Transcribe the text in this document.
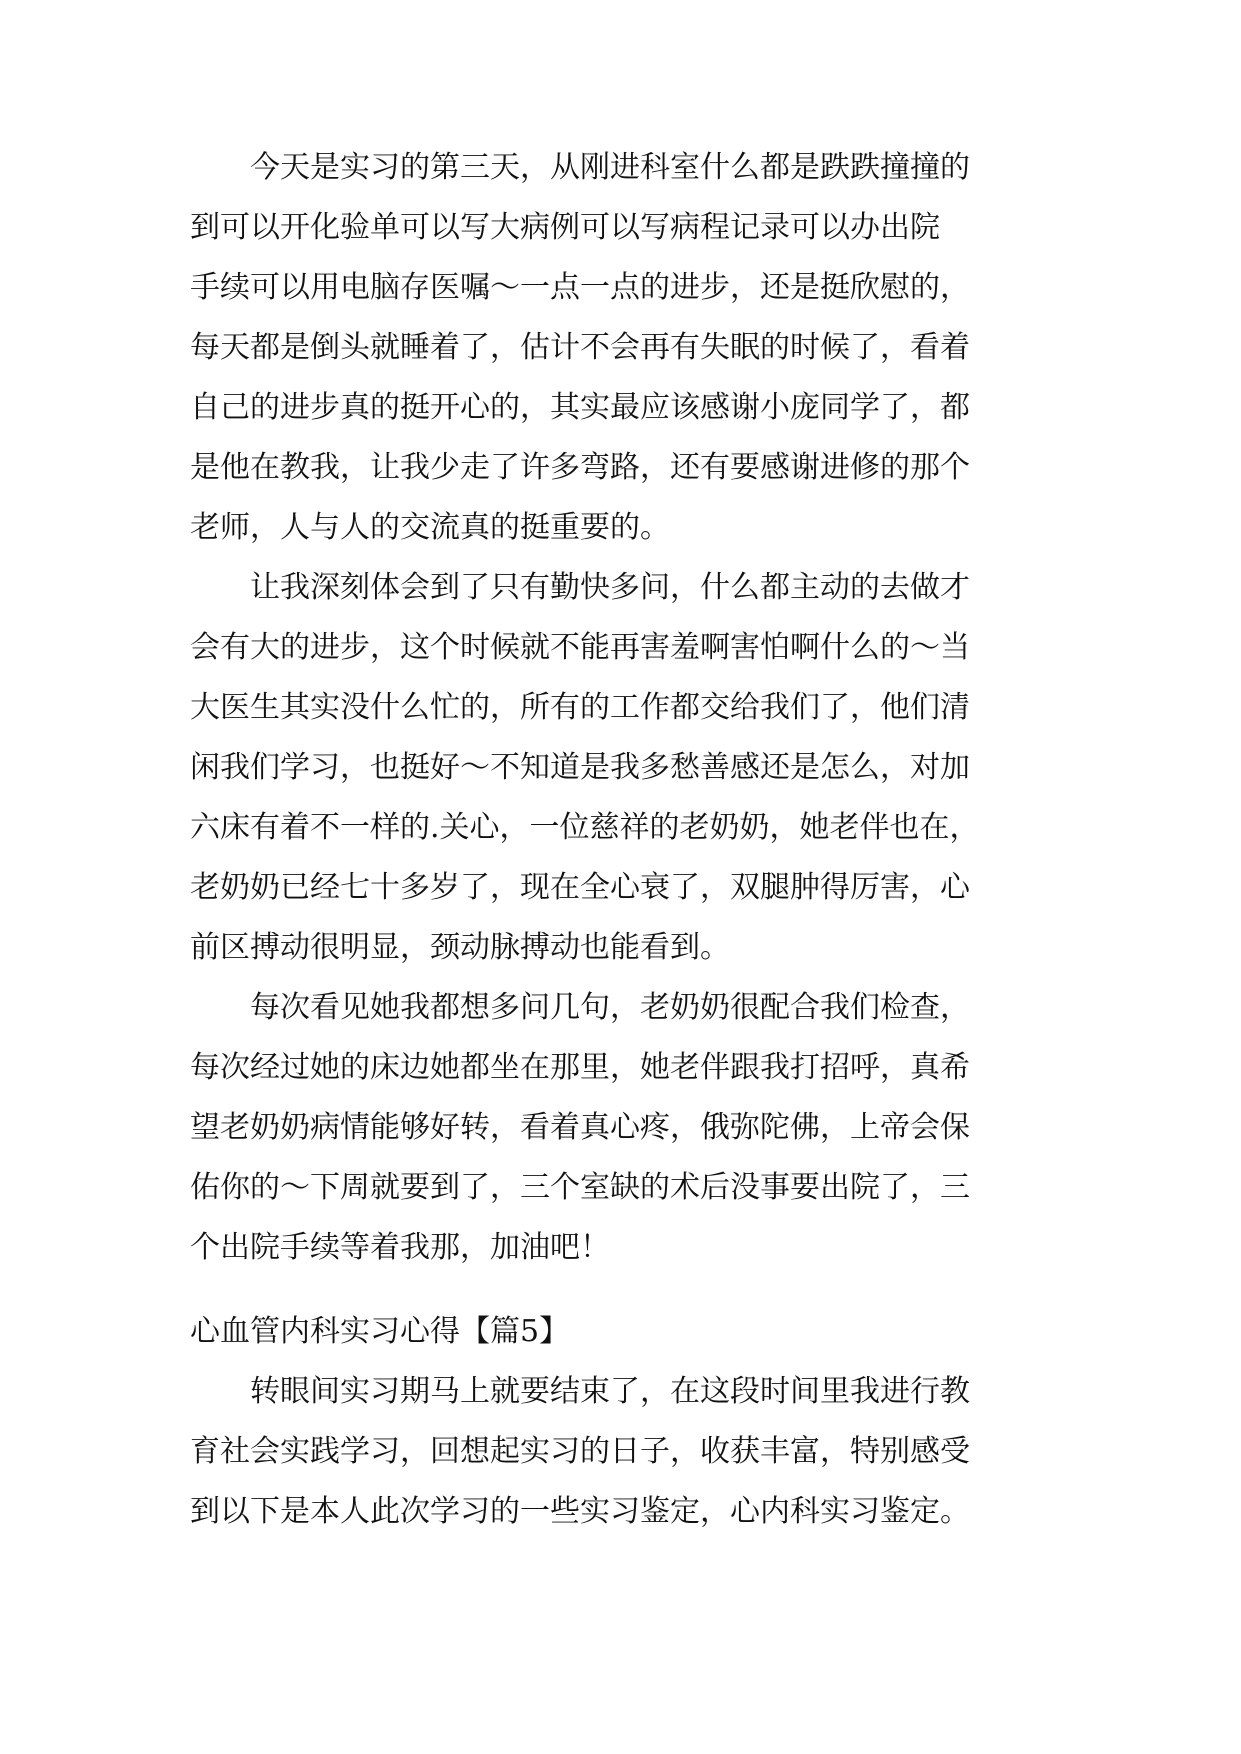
今天是实习的第三天，从刚进科室什么都是跌跌撞撞的
到可以开化验单可以写大病例可以写病程记录可以办出院
手续可以用电脑存医嘱～一点一点的进步，还是挺欣慰的，
每天都是倒头就睡着了，估计不会再有失眠的时候了，看着
自己的进步真的挺开心的，其实最应该感谢小庞同学了，都
是他在教我，让我少走了许多弯路，还有要感谢进修的那个
老师，人与人的交流真的挺重要的。
让我深刻体会到了只有勤快多问，什么都主动的去做才
会有大的进步，这个时候就不能再害羞啊害怕啊什么的～当
大医生其实没什么忙的，所有的工作都交给我们了，他们清
闲我们学习，也挺好～不知道是我多愁善感还是怎么，对加
六床有着不一样的.关心，一位慈祥的老奶奶，她老伴也在，
老奶奶已经七十多岁了，现在全心衰了，双腿肿得厉害，心
前区搏动很明显，颈动脉搏动也能看到。
每次看见她我都想多问几句，老奶奶很配合我们检查，
每次经过她的床边她都坐在那里，她老伴跟我打招呼，真希
望老奶奶病情能够好转，看着真心疼，俄弥陀佛，上帝会保
佑你的～下周就要到了，三个室缺的术后没事要出院了，三
个出院手续等着我那，加油吧！
心血管内科实习心得【篇5】
转眼间实习期马上就要结束了，在这段时间里我进行教
育社会实践学习，回想起实习的日子，收获丰富，特别感受
到以下是本人此次学习的一些实习鉴定，心内科实习鉴定。
